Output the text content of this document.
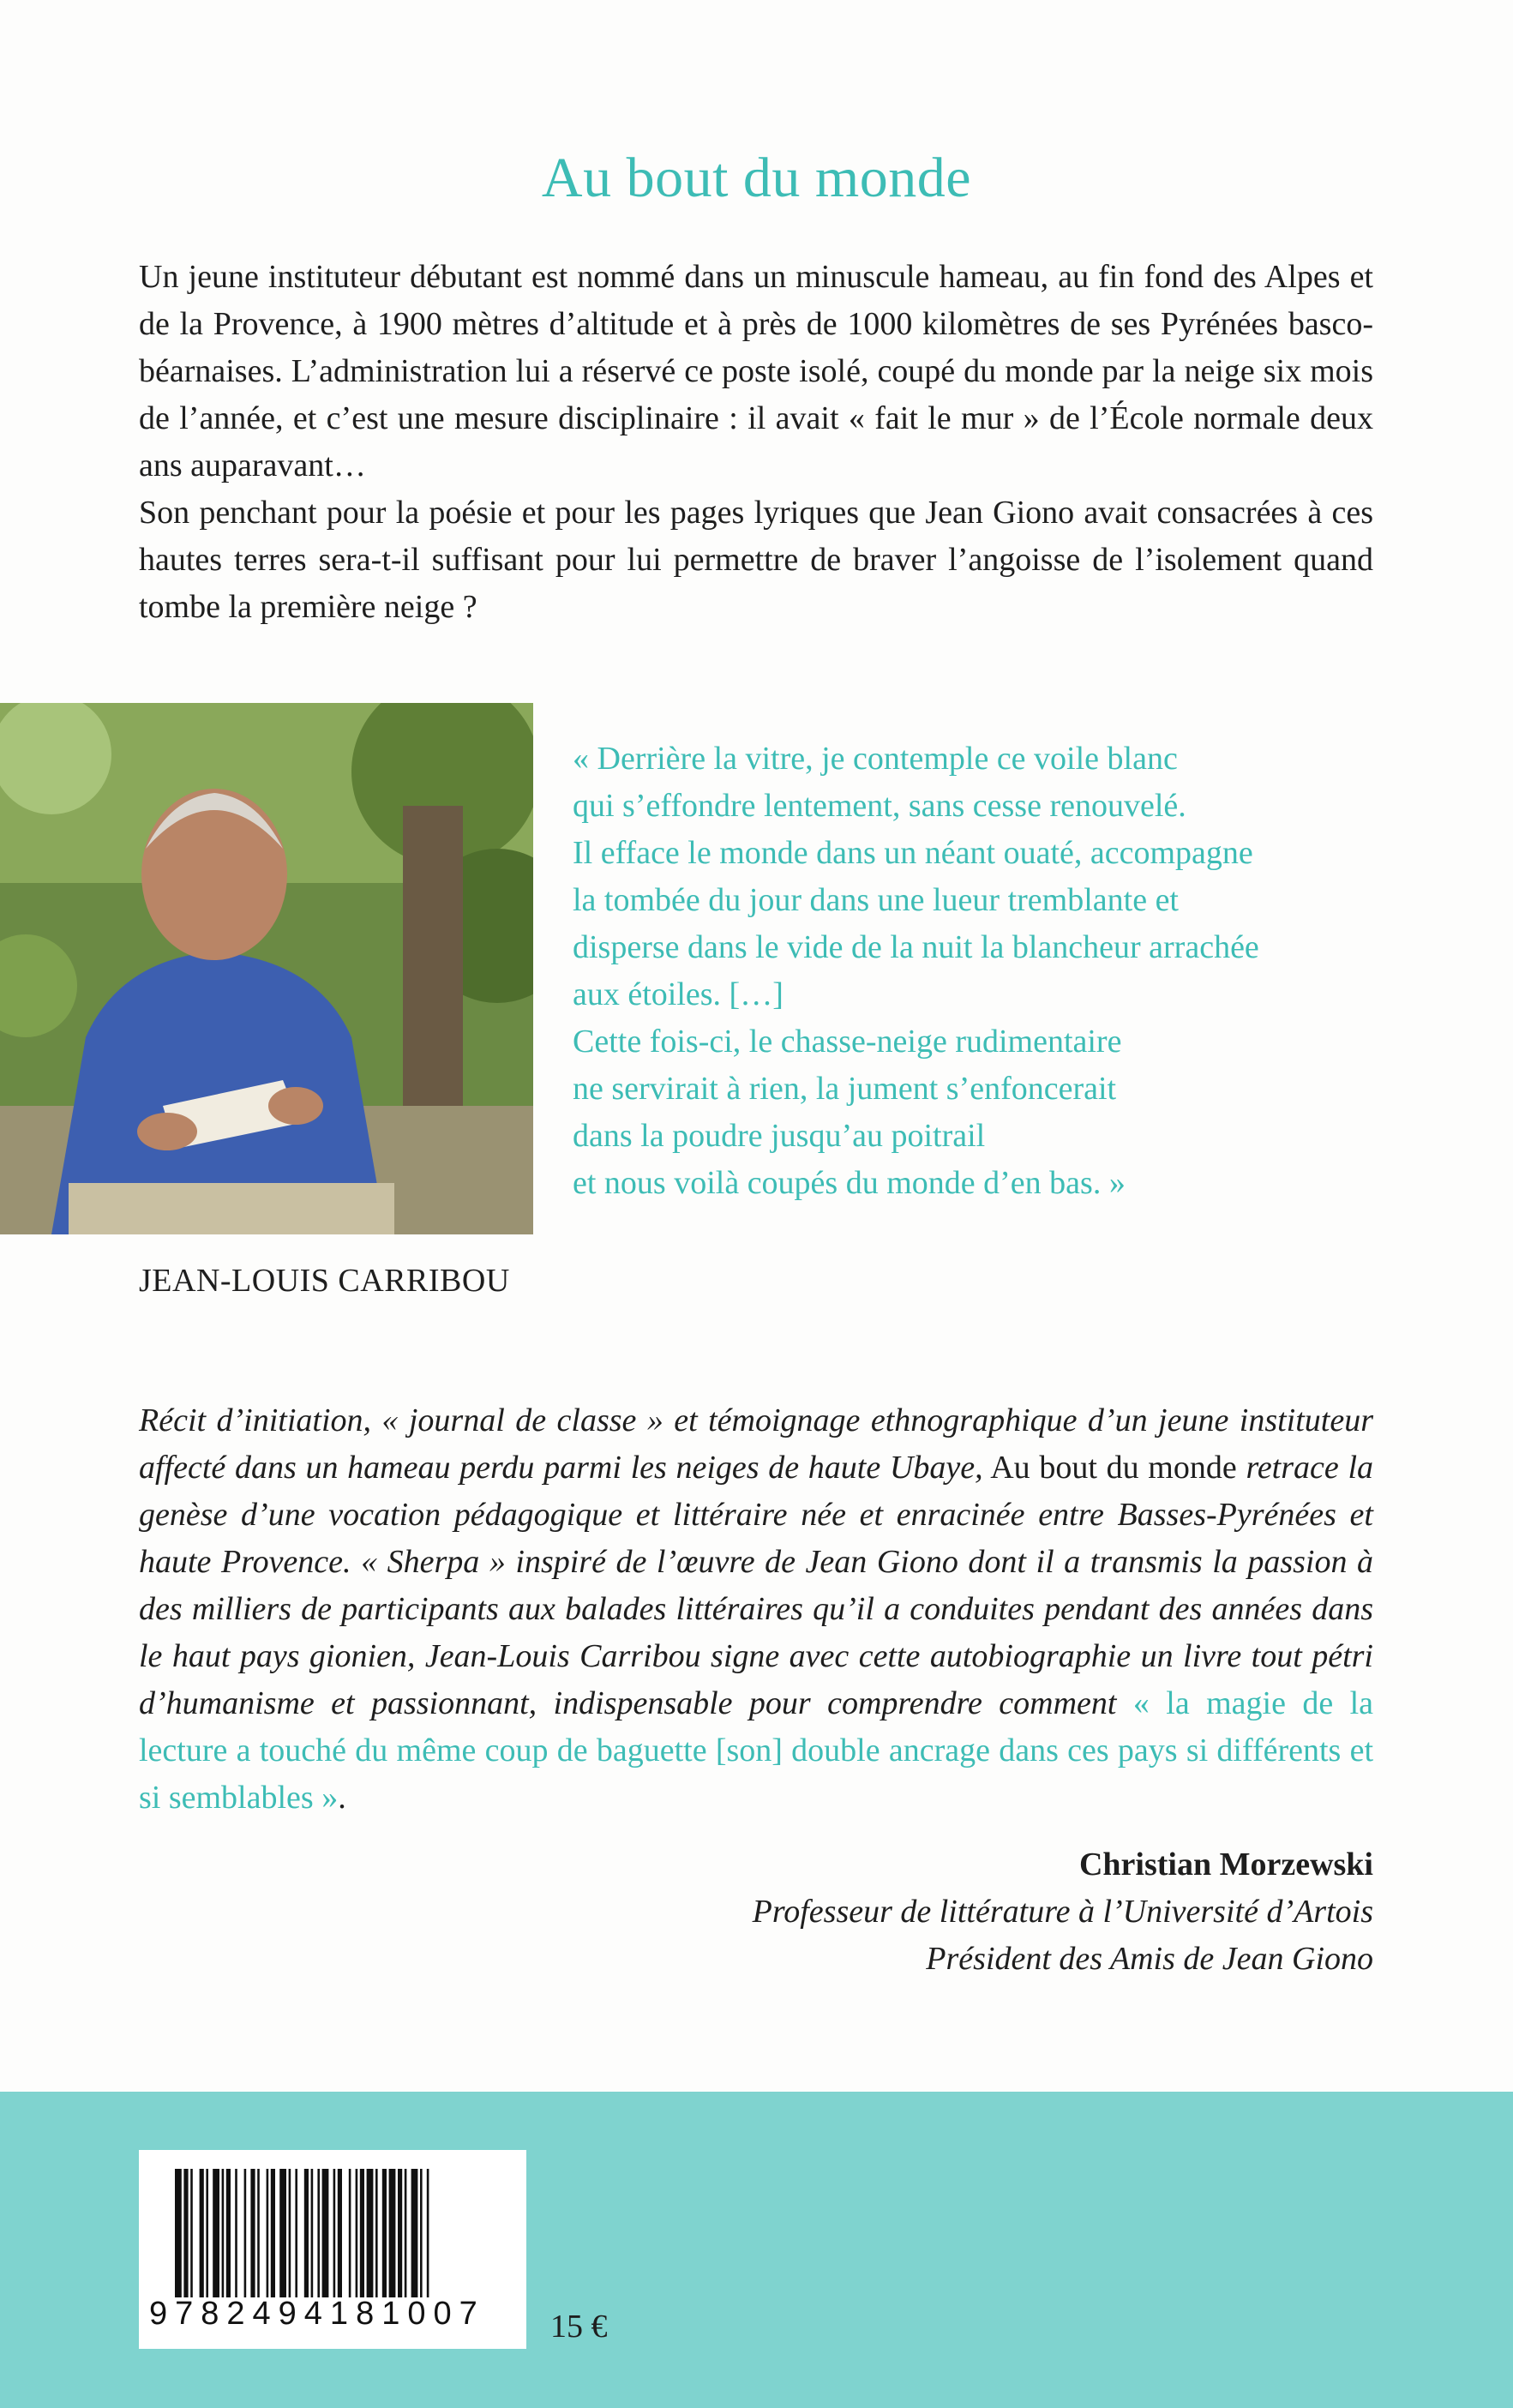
Au bout du monde

Un jeune instituteur débutant est nommé dans un minuscule hameau, au fin fond des Alpes et de la Provence, à 1900 mètres d’altitude et à près de 1000 kilomètres de ses Pyrénées basco-béarnaises. L’administration lui a réservé ce poste isolé, coupé du monde par la neige six mois de l’année, et c’est une mesure disciplinaire : il avait « fait le mur » de l’École normale deux ans auparavant…

Son penchant pour la poésie et pour les pages lyriques que Jean Giono avait consacrées à ces hautes terres sera-t-il suffisant pour lui permettre de braver l’angoisse de l’isolement quand tombe la première neige ?

JEAN-LOUIS CARRIBOU
« Derrière la vitre, je contemple ce voile blanc
qui s’effondre lentement, sans cesse renouvelé.
Il efface le monde dans un néant ouaté, accompagne
la tombée du jour dans une lueur tremblante et
disperse dans le vide de la nuit la blancheur arrachée
aux étoiles. […]
Cette fois-ci, le chasse-neige rudimentaire
ne servirait à rien, la jument s’enfoncerait
dans la poudre jusqu’au poitrail
et nous voilà coupés du monde d’en bas. »
Récit d’initiation, « journal de classe » et témoignage ethnographique d’un jeune instituteur affecté dans un hameau perdu parmi les neiges de haute Ubaye, Au bout du monde retrace la genèse d’une vocation pédagogique et littéraire née et enracinée entre Basses-Pyrénées et haute Provence. « Sherpa » inspiré de l’œuvre de Jean Giono dont il a transmis la passion à des milliers de participants aux balades littéraires qu’il a conduites pendant des années dans le haut pays gionien, Jean-Louis Carribou signe avec cette autobiographie un livre tout pétri d’humanisme et passionnant, indispensable pour comprendre comment « la magie de la lecture a touché du même coup de baguette [son] double ancrage dans ces pays si différents et si semblables ».
Christian Morzewski
Professeur de littérature à l’Université d’Artois
Président des Amis de Jean Giono
9782494181007	15 €
